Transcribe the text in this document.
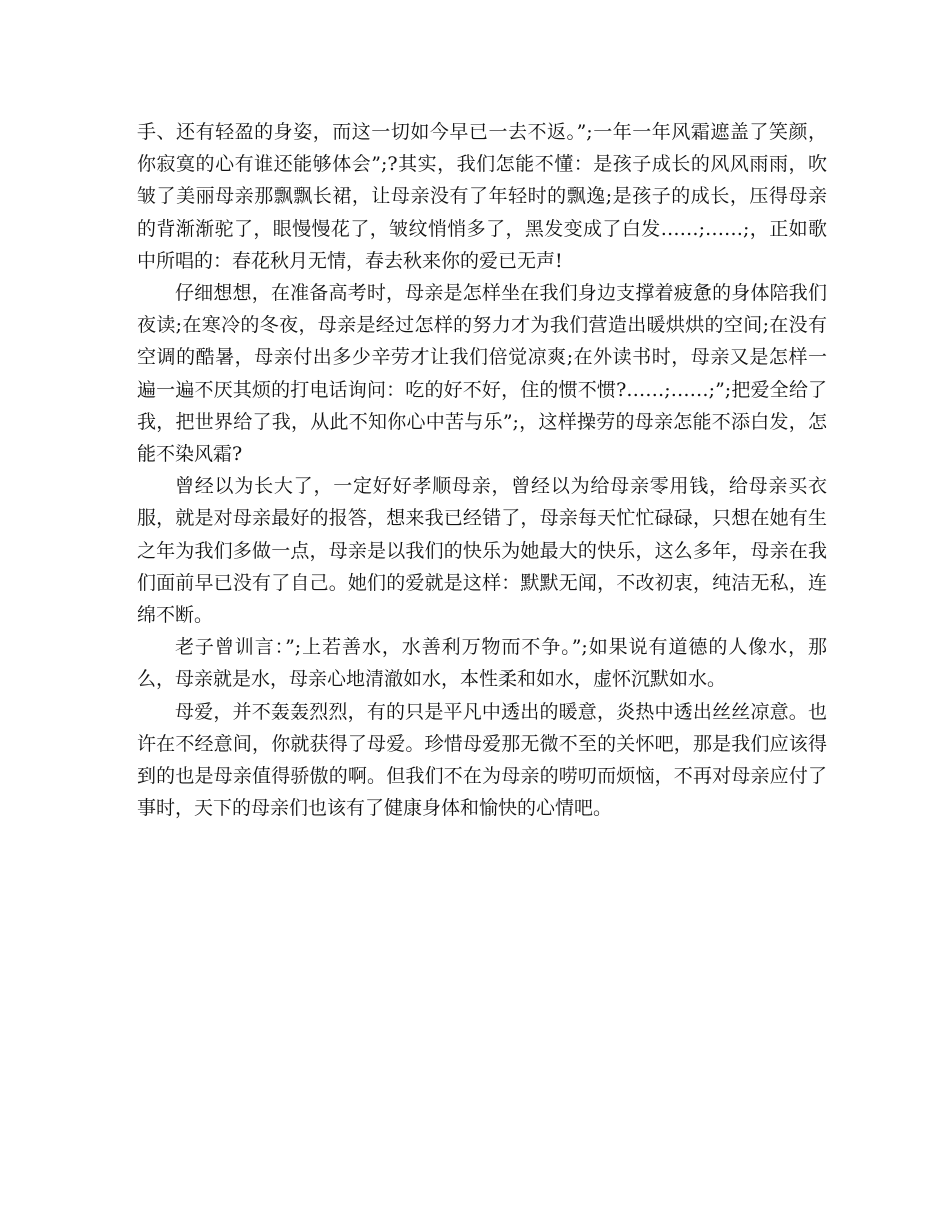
手、还有轻盈的身姿，而这一切如今早已一去不返。”;一年一年风霜遮盖了笑颜，你寂寞的心有谁还能够体会”;?其实，我们怎能不懂：是孩子成长的风风雨雨，吹皱了美丽母亲那飘飘长裙，让母亲没有了年轻时的飘逸;是孩子的成长，压得母亲的背渐渐驼了，眼慢慢花了，皱纹悄悄多了，黑发变成了白发……;……;，正如歌中所唱的：春花秋月无情，春去秋来你的爱已无声!

仔细想想，在准备高考时，母亲是怎样坐在我们身边支撑着疲惫的身体陪我们夜读;在寒冷的冬夜，母亲是经过怎样的努力才为我们营造出暖烘烘的空间;在没有空调的酷暑，母亲付出多少辛劳才让我们倍觉凉爽;在外读书时，母亲又是怎样一遍一遍不厌其烦的打电话询问：吃的好不好，住的惯不惯?……;……;”;把爱全给了我，把世界给了我，从此不知你心中苦与乐”;，这样操劳的母亲怎能不添白发，怎能不染风霜?

曾经以为长大了，一定好好孝顺母亲，曾经以为给母亲零用钱，给母亲买衣服，就是对母亲最好的报答，想来我已经错了，母亲每天忙忙碌碌，只想在她有生之年为我们多做一点，母亲是以我们的快乐为她最大的快乐，这么多年，母亲在我们面前早已没有了自己。她们的爱就是这样：默默无闻，不改初衷，纯洁无私，连绵不断。

老子曾训言：”;上若善水，水善利万物而不争。”;如果说有道德的人像水，那么，母亲就是水，母亲心地清澈如水，本性柔和如水，虚怀沉默如水。

母爱，并不轰轰烈烈，有的只是平凡中透出的暖意，炎热中透出丝丝凉意。也许在不经意间，你就获得了母爱。珍惜母爱那无微不至的关怀吧，那是我们应该得到的也是母亲值得骄傲的啊。但我们不在为母亲的唠叨而烦恼，不再对母亲应付了事时，天下的母亲们也该有了健康身体和愉快的心情吧。
